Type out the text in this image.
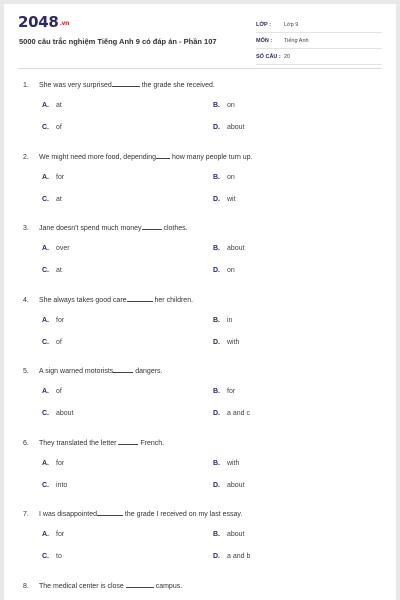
2048.vn
5000 câu trắc nghiệm Tiếng Anh 9 có đáp án - Phần 107
LỚP :	Lớp 9
MÔN :	Tiếng Anh
SỐ CÂU : 20
1. She was very surprised	the grade she received.
A. at	B. on
C. of	D. about
2. We might need more food, depending how many people turn up.
A. for	B. on
C. at	D. wit
3. Jane doesn't spend much money	clothes.
A. over	B. about
C. at	D. on
4. She always takes good care	her children.
A. for	B. in
C. of	D. with
5. A sign warned motorists	dangers.
A. of	B. for
C. about	D. a and c
6. They translated the letter	French.
A. for	B. with
C. into	D. about
7. I was disappointed	the grade I received on my last essay.
A. for	B. about
C. to	D. a and b
8. The medical center is close	campus.
